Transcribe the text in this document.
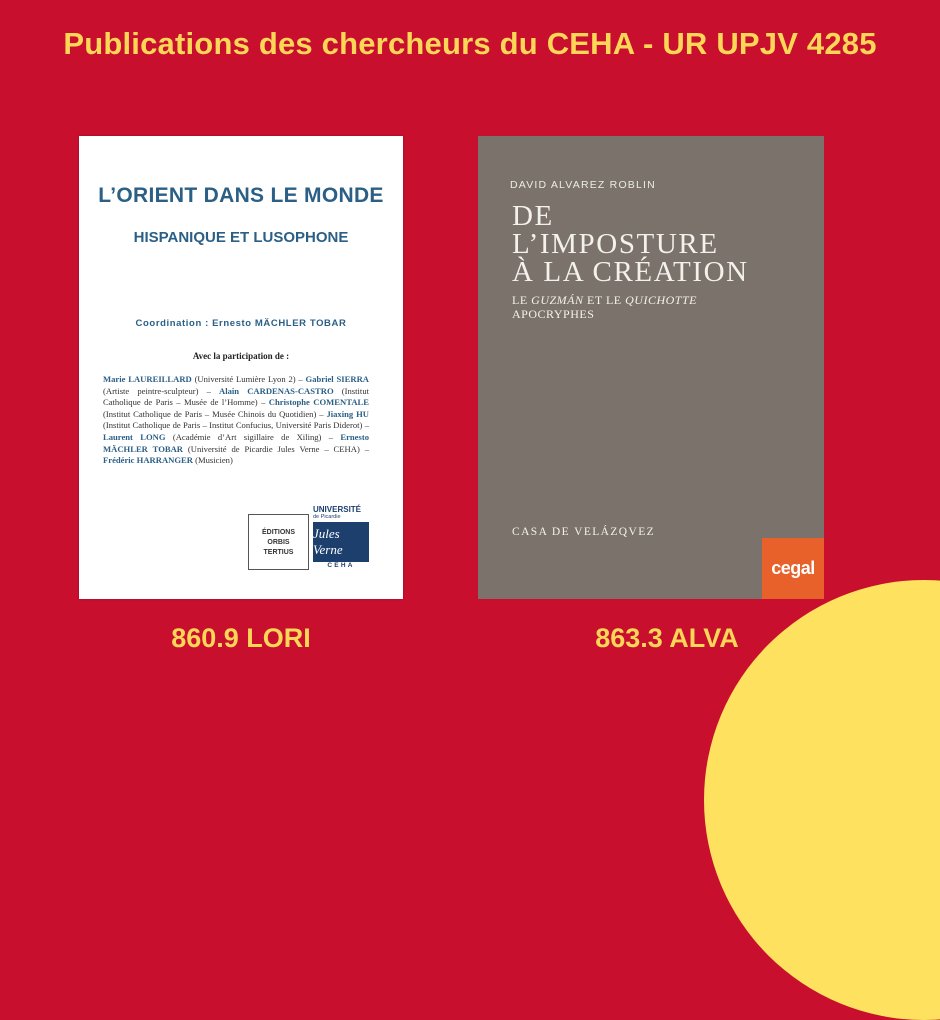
Publications des chercheurs du CEHA - UR UPJV 4285
L’ORIENT DANS LE MONDE
HISPANIQUE ET LUSOPHONE
Coordination : Ernesto MÄCHLER TOBAR
Avec la participation de :
Marie LAUREILLARD (Université Lumière Lyon 2) – Gabriel SIERRA (Artiste peintre-sculpteur) – Alain CARDENAS-CASTRO (Institut Catholique de Paris – Musée de l’Homme) – Christophe COMENTALE (Institut Catholique de Paris – Musée Chinois du Quotidien) – Jiaxing HU (Institut Catholique de Paris – Institut Confucius, Université Paris Diderot) – Laurent LONG (Académie d’Art sigillaire de Xiling) – Ernesto MÄCHLER TOBAR (Université de Picardie Jules Verne – CEHA) – Frédéric HARRANGER (Musicien)
ÉDITIONS
ORBIS
TERTIUS
UNIVERSITÉ
de Picardie
Jules Verne
CEHA
860.9 LORI
DAVID ALVAREZ ROBLIN
DE
L’IMPOSTURE
À LA CRÉATION
LE GUZMÁN ET LE QUICHOTTE
APOCRYPHES
CASA DE VELÁZQVEZ
cegal
863.3 ALVA
